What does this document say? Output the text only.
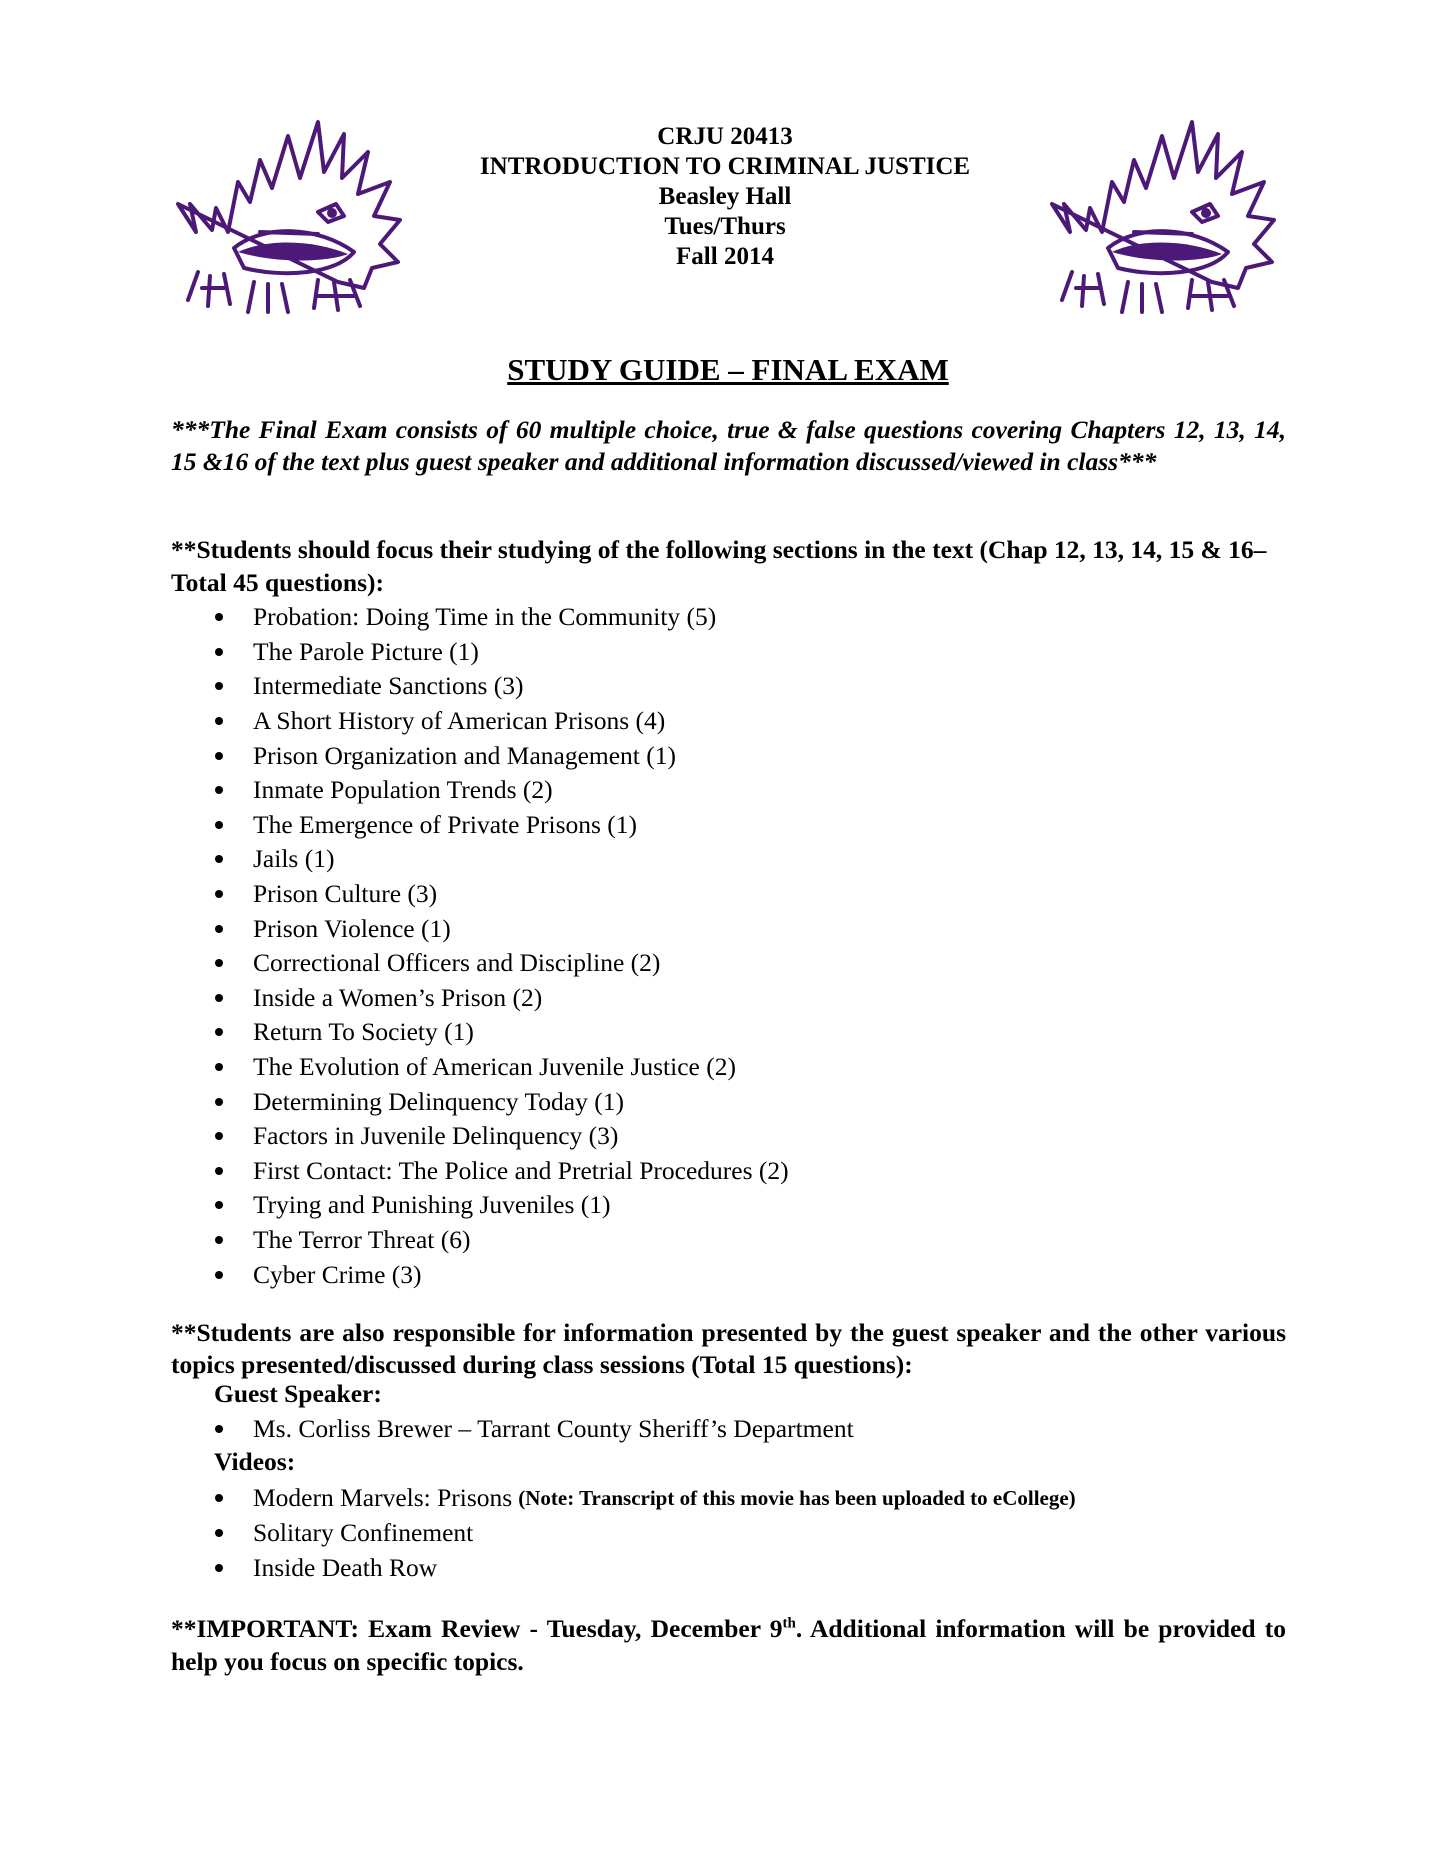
CRJU 20413
INTRODUCTION TO CRIMINAL JUSTICE
Beasley Hall
Tues/Thurs
Fall 2014
STUDY GUIDE – FINAL EXAM
***The Final Exam consists of 60 multiple choice, true & false questions covering Chapters 12, 13, 14, 15 &16 of the text plus guest speaker and additional information discussed/viewed in class***
**Students should focus their studying of the following sections in the text (Chap 12, 13, 14, 15 & 16–Total 45 questions):
Probation: Doing Time in the Community (5)
The Parole Picture (1)
Intermediate Sanctions (3)
A Short History of American Prisons (4)
Prison Organization and Management (1)
Inmate Population Trends (2)
The Emergence of Private Prisons (1)
Jails (1)
Prison Culture (3)
Prison Violence (1)
Correctional Officers and Discipline (2)
Inside a Women’s Prison (2)
Return To Society (1)
The Evolution of American Juvenile Justice (2)
Determining Delinquency Today (1)
Factors in Juvenile Delinquency (3)
First Contact: The Police and Pretrial Procedures (2)
Trying and Punishing Juveniles (1)
The Terror Threat (6)
Cyber Crime (3)
**Students are also responsible for information presented by the guest speaker and the other various topics presented/discussed during class sessions (Total 15 questions):
Guest Speaker:
Ms. Corliss Brewer – Tarrant County Sheriff’s Department
Videos:
Modern Marvels: Prisons (Note: Transcript of this movie has been uploaded to eCollege)
Solitary Confinement
Inside Death Row
**IMPORTANT: Exam Review - Tuesday, December 9th. Additional information will be provided to help you focus on specific topics.
